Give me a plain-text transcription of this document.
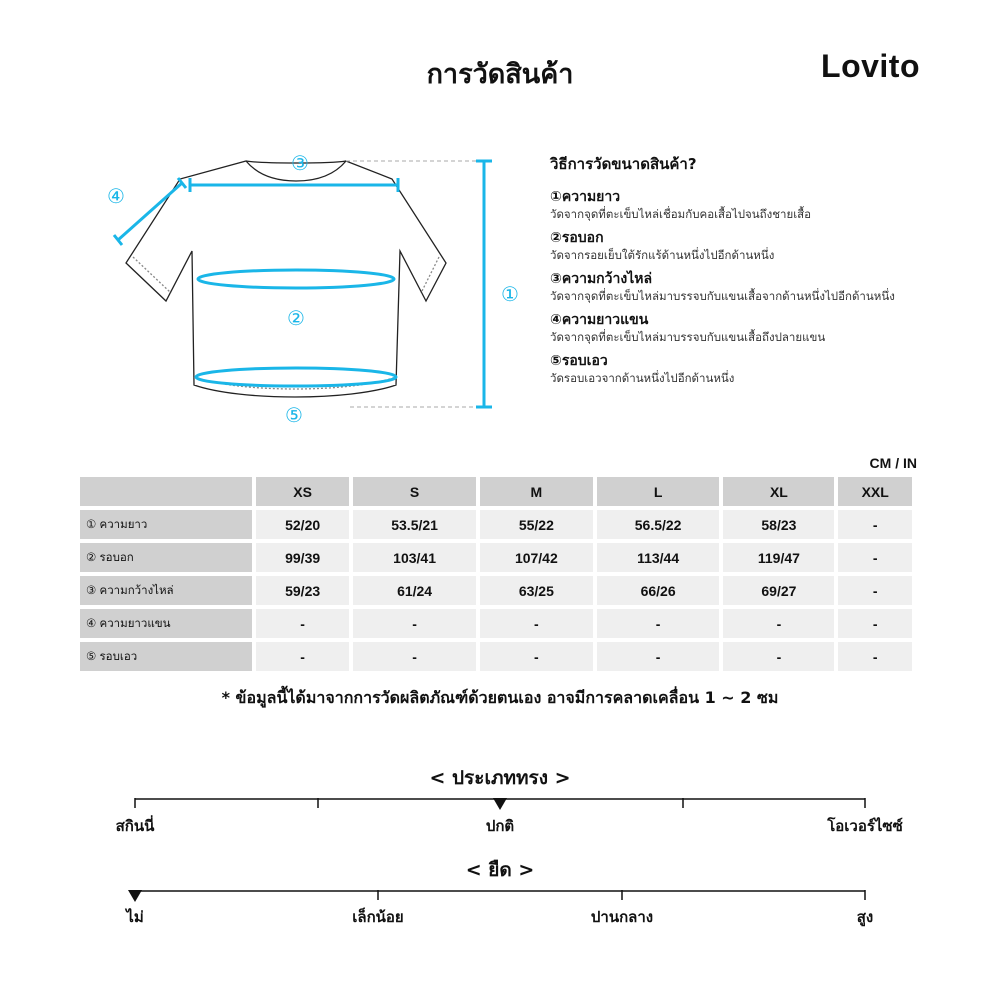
การวัดสินค้า	Lovito
①
②
③
④
⑤
วิธีการวัดขนาดสินค้า?
①ความยาว
วัดจากจุดที่ตะเข็บไหล่เชื่อมกับคอเสื้อไปจนถึงชายเสื้อ
②รอบอก
วัดจากรอยเย็บใต้รักแร้ด้านหนึ่งไปอีกด้านหนึ่ง
③ความกว้างไหล่
วัดจากจุดที่ตะเข็บไหล่มาบรรจบกับแขนเสื้อจากด้านหนึ่งไปอีกด้านหนึ่ง
④ความยาวแขน
วัดจากจุดที่ตะเข็บไหล่มาบรรจบกับแขนเสื้อถึงปลายแขน
⑤รอบเอว
วัดรอบเอวจากด้านหนึ่งไปอีกด้านหนึ่ง
CM / IN
	XS	S	M	L	XL	XXL
① ความยาว	52/20	53.5/21	55/22	56.5/22	58/23	-
② รอบอก	99/39	103/41	107/42	113/44	119/47	-
③ ความกว้างไหล่	59/23	61/24	63/25	66/26	69/27	-
④ ความยาวแขน	-	-	-	-	-	-
⑤ รอบเอว	-	-	-	-	-	-
* ข้อมูลนี้ได้มาจากการวัดผลิตภัณฑ์ด้วยตนเอง อาจมีการคลาดเคลื่อน 1 ~ 2 ซม
< ประเภททรง >
สกินนี่	ปกติ	โอเวอร์ไซซ์
< ยืด >
ไม่	เล็กน้อย	ปานกลาง	สูง
